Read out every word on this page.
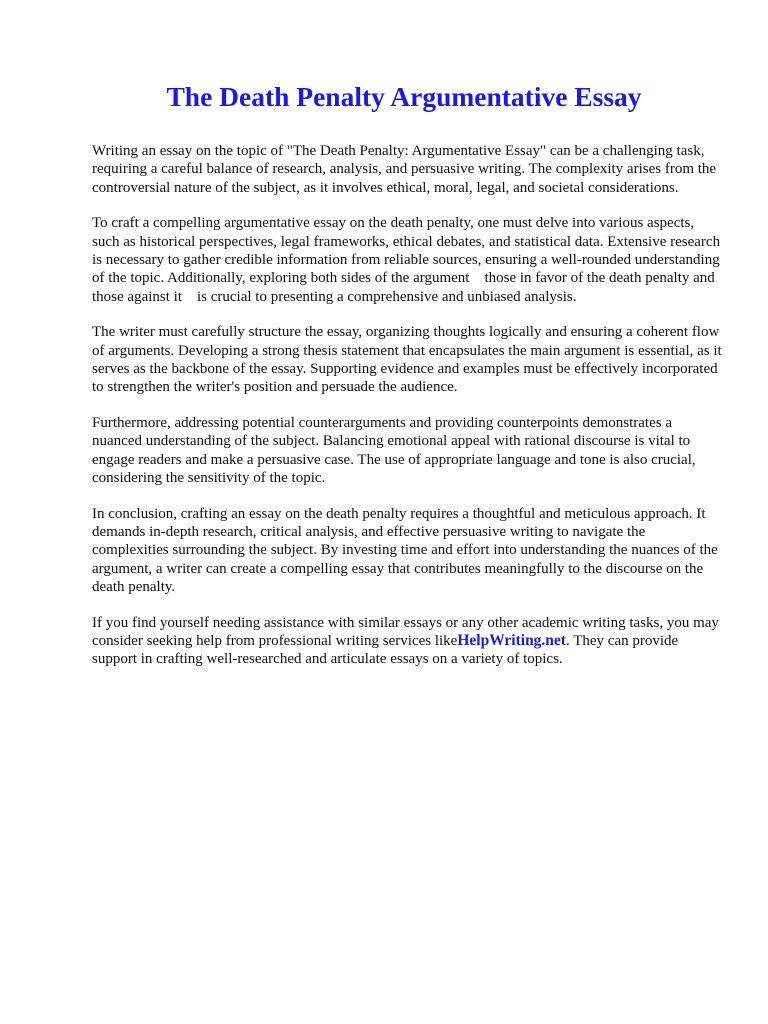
The Death Penalty Argumentative Essay

Writing an essay on the topic of "The Death Penalty: Argumentative Essay" can be a challenging task, requiring a careful balance of research, analysis, and persuasive writing. The complexity arises from the controversial nature of the subject, as it involves ethical, moral, legal, and societal considerations.

To craft a compelling argumentative essay on the death penalty, one must delve into various aspects, such as historical perspectives, legal frameworks, ethical debates, and statistical data. Extensive research is necessary to gather credible information from reliable sources, ensuring a well-rounded understanding of the topic. Additionally, exploring both sides of the argument   those in favor of the death penalty and those against it   is crucial to presenting a comprehensive and unbiased analysis.

The writer must carefully structure the essay, organizing thoughts logically and ensuring a coherent flow of arguments. Developing a strong thesis statement that encapsulates the main argument is essential, as it serves as the backbone of the essay. Supporting evidence and examples must be effectively incorporated to strengthen the writer's position and persuade the audience.

Furthermore, addressing potential counterarguments and providing counterpoints demonstrates a nuanced understanding of the subject. Balancing emotional appeal with rational discourse is vital to engage readers and make a persuasive case. The use of appropriate language and tone is also crucial, considering the sensitivity of the topic.

In conclusion, crafting an essay on the death penalty requires a thoughtful and meticulous approach. It demands in-depth research, critical analysis, and effective persuasive writing to navigate the complexities surrounding the subject. By investing time and effort into understanding the nuances of the argument, a writer can create a compelling essay that contributes meaningfully to the discourse on the death penalty.

If you find yourself needing assistance with similar essays or any other academic writing tasks, you may consider seeking help from professional writing services likeHelpWriting.net. They can provide support in crafting well-researched and articulate essays on a variety of topics.
